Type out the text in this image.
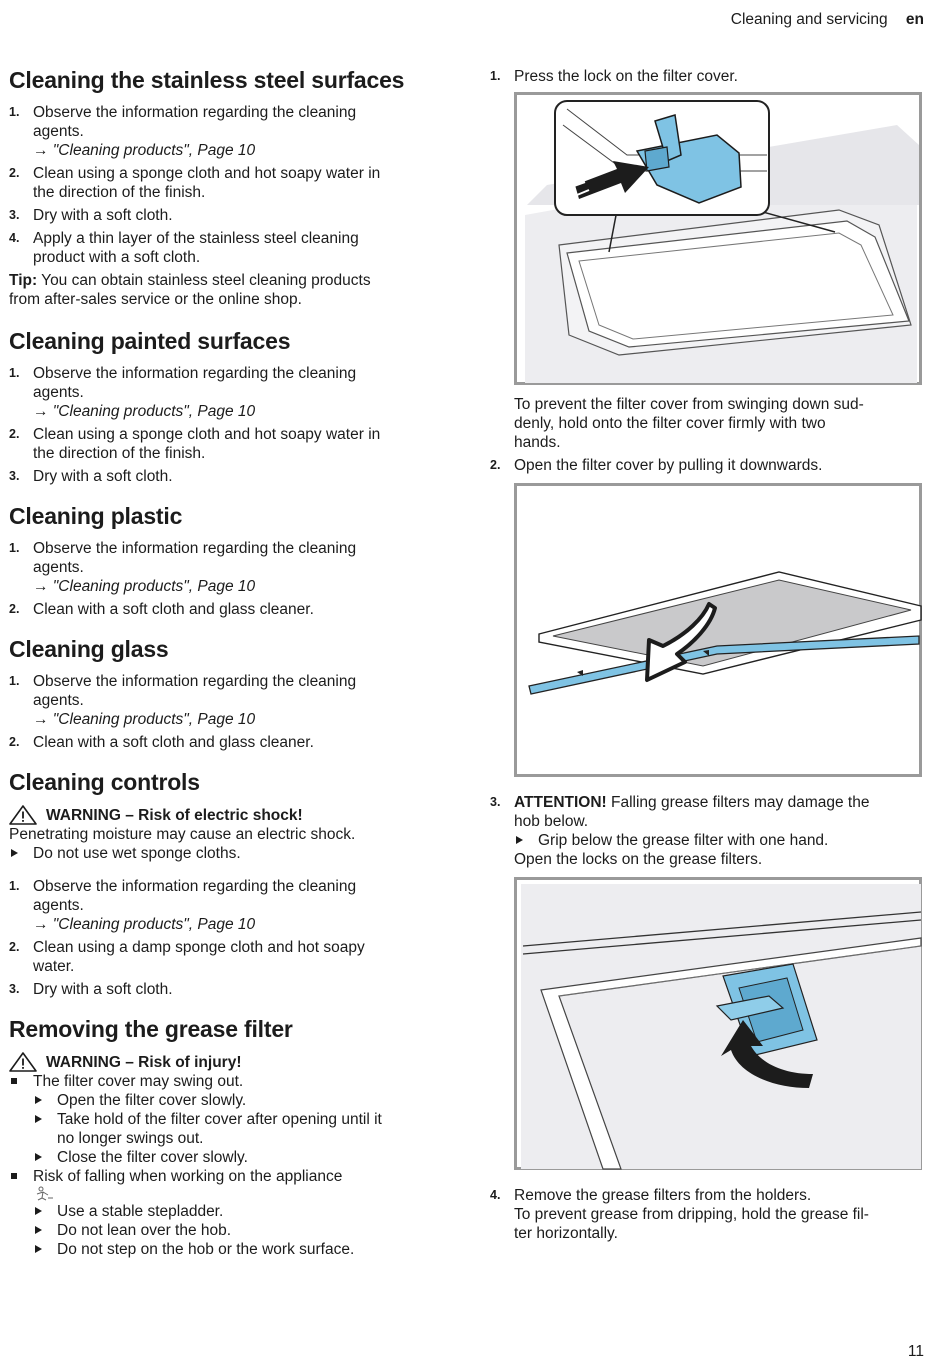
Cleaning and servicing en
Cleaning the stainless steel surfaces
1. Observe the information regarding the cleaning
agents.
→ "Cleaning products", Page 10
2. Clean using a sponge cloth and hot soapy water in
the direction of the finish.
3. Dry with a soft cloth.
4. Apply a thin layer of the stainless steel cleaning
product with a soft cloth.
Tip: You can obtain stainless steel cleaning products
from after-sales service or the online shop.
Cleaning painted surfaces
1. Observe the information regarding the cleaning
agents.
→ "Cleaning products", Page 10
2. Clean using a sponge cloth and hot soapy water in
the direction of the finish.
3. Dry with a soft cloth.
Cleaning plastic
1. Observe the information regarding the cleaning
agents.
→ "Cleaning products", Page 10
2. Clean with a soft cloth and glass cleaner.
Cleaning glass
1. Observe the information regarding the cleaning
agents.
→ "Cleaning products", Page 10
2. Clean with a soft cloth and glass cleaner.
Cleaning controls
WARNING – Risk of electric shock!
Penetrating moisture may cause an electric shock.
Do not use wet sponge cloths.
1. Observe the information regarding the cleaning
agents.
→ "Cleaning products", Page 10
2. Clean using a damp sponge cloth and hot soapy
water.
3. Dry with a soft cloth.
Removing the grease filter
WARNING – Risk of injury!
The filter cover may swing out.
Open the filter cover slowly.
Take hold of the filter cover after opening until it
no longer swings out.
Close the filter cover slowly.
Risk of falling when working on the appliance
Use a stable stepladder.
Do not lean over the hob.
Do not step on the hob or the work surface.
1. Press the lock on the filter cover.
To prevent the filter cover from swinging down sud-
denly, hold onto the filter cover firmly with two
hands.
2. Open the filter cover by pulling it downwards.
3. ATTENTION! Falling grease filters may damage the
hob below.
Grip below the grease filter with one hand.
Open the locks on the grease filters.
4. Remove the grease filters from the holders.
To prevent grease from dripping, hold the grease fil-
ter horizontally.
11
